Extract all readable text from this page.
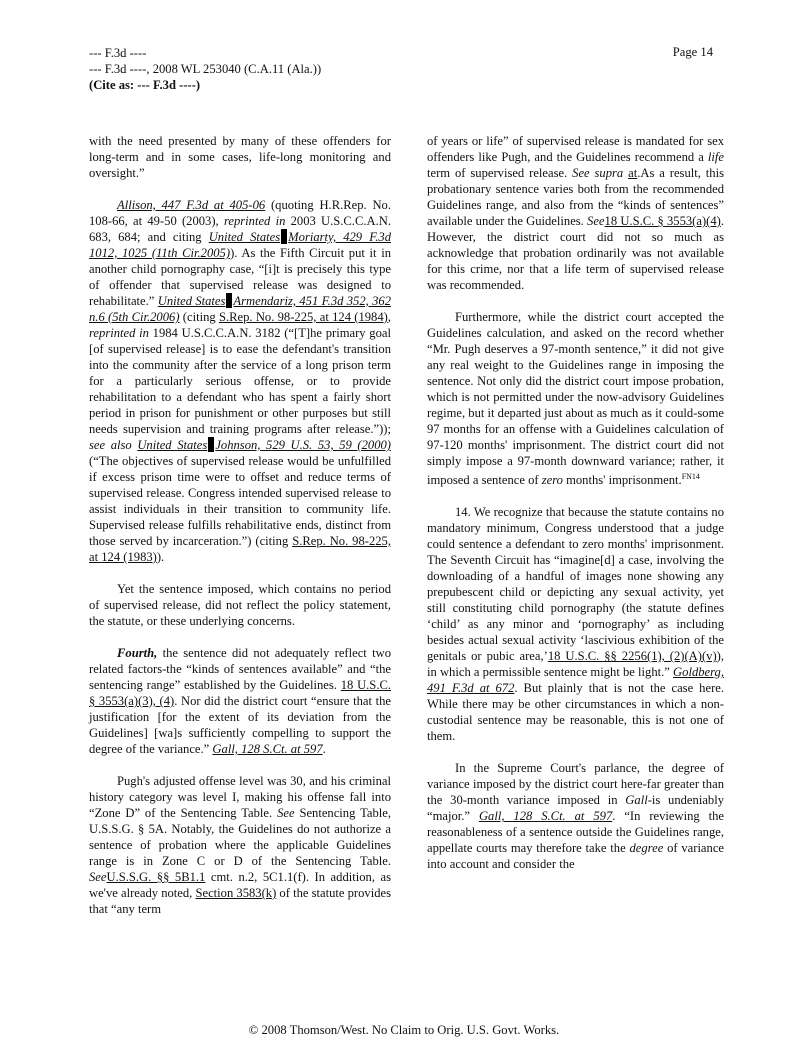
--- F.3d ----
--- F.3d ----, 2008 WL 253040 (C.A.11 (Ala.))
(Cite as: --- F.3d ----)
Page 14

with the need presented by many of these offenders for long-term and in some cases, life-long monitoring and oversight.”

Allison, 447 F.3d at 405-06 (quoting H.R.Rep. No. 108-66, at 49-50 (2003), reprinted in 2003 U.S.C.C.A.N. 683, 684; and citing United States Moriarty, 429 F.3d 1012, 1025 (11th Cir.2005)). As the Fifth Circuit put it in another child pornography case, “[i]t is precisely this type of offender that supervised release was designed to rehabilitate.” United States Armendariz, 451 F.3d 352, 362 n.6 (5th Cir.2006) (citing S.Rep. No. 98-225, at 124 (1984), reprinted in 1984 U.S.C.C.A.N. 3182 (“[T]he primary goal [of supervised release] is to ease the defendant's transition into the community after the service of a long prison term for a particularly serious offense, or to provide rehabilitation to a defendant who has spent a fairly short period in prison for punishment or other purposes but still needs supervision and training programs after release.”)); see also United States Johnson, 529 U.S. 53, 59 (2000) (“The objectives of supervised release would be unfulfilled if excess prison time were to offset and reduce terms of supervised release. Congress intended supervised release to assist individuals in their transition to community life. Supervised release fulfills rehabilitative ends, distinct from those served by incarceration.”) (citing S.Rep. No. 98-225, at 124 (1983)).

Yet the sentence imposed, which contains no period of supervised release, did not reflect the policy statement, the statute, or these underlying concerns.

Fourth, the sentence did not adequately reflect two related factors-the “kinds of sentences available” and “the sentencing range” established by the Guidelines. 18 U.S.C. § 3553(a)(3), (4). Nor did the district court “ensure that the justification [for the extent of its deviation from the Guidelines] [wa]s sufficiently compelling to support the degree of the variance.” Gall, 128 S.Ct. at 597.

Pugh's adjusted offense level was 30, and his criminal history category was level I, making his offense fall into “Zone D” of the Sentencing Table. See Sentencing Table, U.S.S.G. § 5A. Notably, the Guidelines do not authorize a sentence of probation where the applicable Guidelines range is in Zone C or D of the Sentencing Table. SeeU.S.S.G. §§ 5B1.1 cmt. n.2, 5C1.1(f). In addition, as we've already noted, Section 3583(k) of the statute provides that “any term

of years or life” of supervised release is mandated for sex offenders like Pugh, and the Guidelines recommend a life term of supervised release. See supra at.As a result, this probationary sentence varies both from the recommended Guidelines range, and also from the “kinds of sentences” available under the Guidelines. See18 U.S.C. § 3553(a)(4). However, the district court did not so much as acknowledge that probation ordinarily was not available for this crime, nor that a life term of supervised release was recommended.

Furthermore, while the district court accepted the Guidelines calculation, and asked on the record whether “Mr. Pugh deserves a 97-month sentence,” it did not give any real weight to the Guidelines range in imposing the sentence. Not only did the district court impose probation, which is not permitted under the now-advisory Guidelines regime, but it departed just about as much as it could-some 97 months for an offense with a Guidelines calculation of 97-120 months' imprisonment. The district court did not simply impose a 97-month downward variance; rather, it imposed a sentence of zero months' imprisonment.$^{FN14}$

14. We recognize that because the statute contains no mandatory minimum, Congress understood that a judge could sentence a defendant to zero months' imprisonment. The Seventh Circuit has “imagine[d] a case, involving the downloading of a handful of images none showing any prepubescent child or depicting any sexual activity, yet still constituting child pornography (the statute defines ‘child’ as any minor and ‘pornography’ as including besides actual sexual activity ‘lascivious exhibition of the genitals or pubic area,’18 U.S.C. §§ 2256(1), (2)(A)(v)), in which a permissible sentence might be light.” Goldberg, 491 F.3d at 672. But plainly that is not the case here. While there may be other circumstances in which a non-custodial sentence may be reasonable, this is not one of them.

In the Supreme Court's parlance, the degree of variance imposed by the district court here-far greater than the 30-month variance imposed in Gall-is undeniably “major.” Gall, 128 S.Ct. at 597. “In reviewing the reasonableness of a sentence outside the Guidelines range, appellate courts may therefore take the degree of variance into account and consider the

© 2008 Thomson/West. No Claim to Orig. U.S. Govt. Works.
